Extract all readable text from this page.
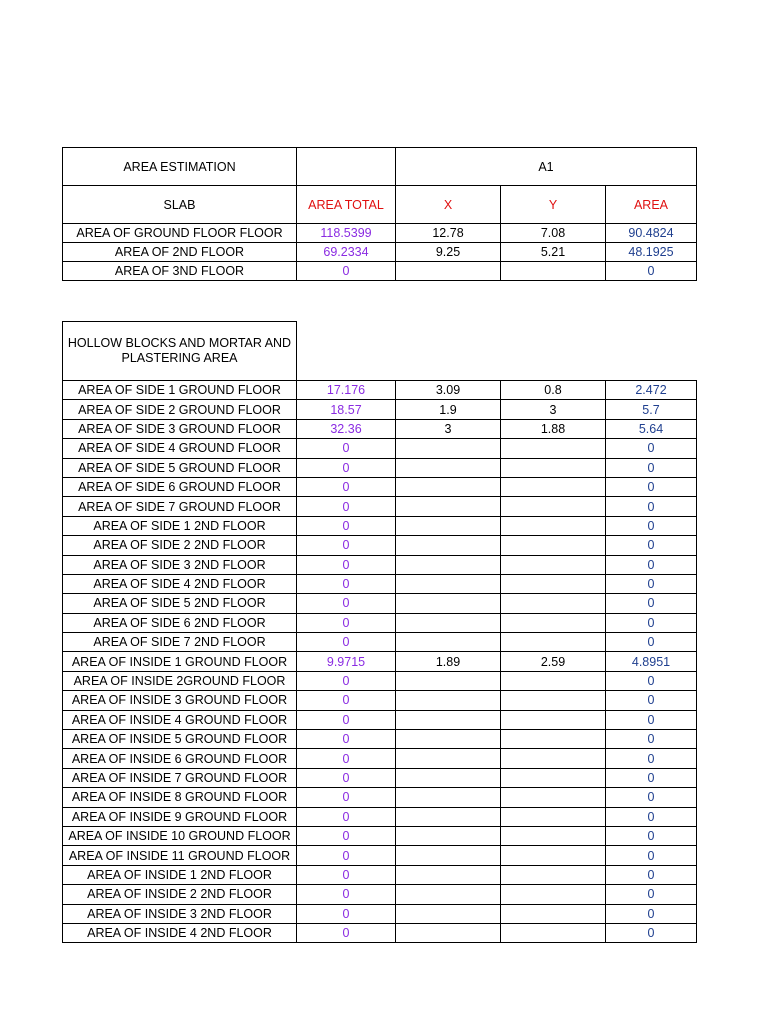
AREA ESTIMATION		A1		
SLAB	AREA TOTAL	X	Y	AREA
AREA OF GROUND FLOOR FLOOR	118.5399	12.78	7.08	90.4824
AREA OF 2ND FLOOR	69.2334	9.25	5.21	48.1925
AREA OF 3ND FLOOR	0			0
HOLLOW BLOCKS AND MORTAR AND PLASTERING AREA				
AREA OF SIDE 1 GROUND FLOOR	17.176	3.09	0.8	2.472
AREA OF SIDE 2 GROUND FLOOR	18.57	1.9	3	5.7
AREA OF SIDE 3 GROUND FLOOR	32.36	3	1.88	5.64
AREA OF SIDE 4 GROUND FLOOR	0			0
AREA OF SIDE 5 GROUND FLOOR	0			0
AREA OF SIDE 6 GROUND FLOOR	0			0
AREA OF SIDE 7 GROUND FLOOR	0			0
AREA OF SIDE 1 2ND FLOOR	0			0
AREA OF SIDE 2 2ND FLOOR	0			0
AREA OF SIDE 3 2ND FLOOR	0			0
AREA OF SIDE 4 2ND FLOOR	0			0
AREA OF SIDE 5 2ND FLOOR	0			0
AREA OF SIDE 6 2ND FLOOR	0			0
AREA OF SIDE 7 2ND FLOOR	0			0
AREA OF INSIDE 1 GROUND FLOOR	9.9715	1.89	2.59	4.8951
AREA OF INSIDE 2GROUND FLOOR	0			0
AREA OF INSIDE 3 GROUND FLOOR	0			0
AREA OF INSIDE 4 GROUND FLOOR	0			0
AREA OF INSIDE 5 GROUND FLOOR	0			0
AREA OF INSIDE 6 GROUND FLOOR	0			0
AREA OF INSIDE 7 GROUND FLOOR	0			0
AREA OF INSIDE 8 GROUND FLOOR	0			0
AREA OF INSIDE 9 GROUND FLOOR	0			0
AREA OF INSIDE 10 GROUND FLOOR	0			0
AREA OF INSIDE 11 GROUND FLOOR	0			0
AREA OF INSIDE 1 2ND FLOOR	0			0
AREA OF INSIDE 2 2ND FLOOR	0			0
AREA OF INSIDE 3 2ND FLOOR	0			0
AREA OF INSIDE 4 2ND FLOOR	0			0
